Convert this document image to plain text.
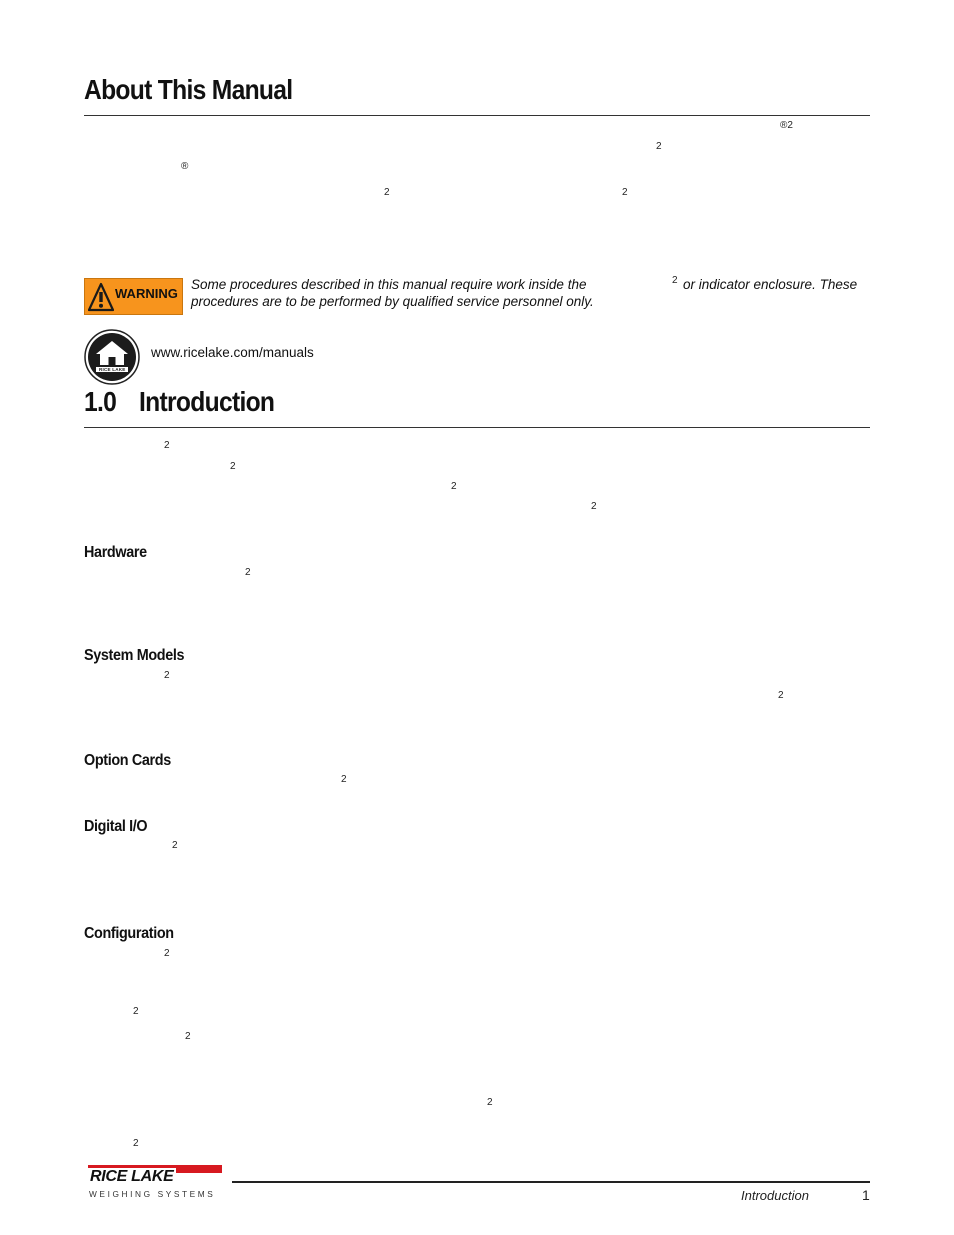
About This Manual
®2
2
®
2	2
WARNING
Some procedures described in this manual require work inside the	2 or indicator enclosure. These
procedures are to be performed by qualified service personnel only.
RICE LAKE
www.ricelake.com/manuals
1.0 Introduction
2
2
2
2
Hardware
2
System Models
2
2
Option Cards
2
Digital I/O
2
Configuration
2
2
2
2
2
RICE LAKE
WEIGHING SYSTEMS	Introduction	1
